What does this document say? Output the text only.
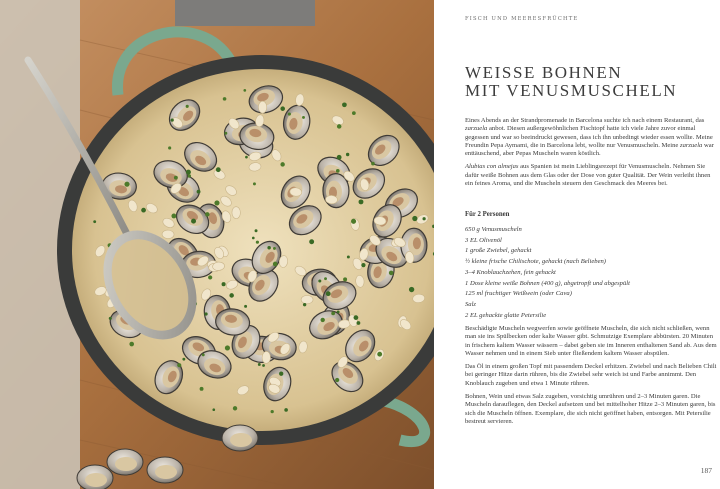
FISCH UND MEERESFRÜCHTE
WEISSE BOHNEN
MIT VENUSMUSCHELN

Eines Abends an der Strandpromenade in Barcelona suchte ich nach einem Restaurant, das zarzuela anbot. Diesen außergewöhnlichen Fischtopf hatte ich viele Jahre zuvor einmal gegessen und war so beeindruckt gewesen, dass ich ihn unbedingt wieder essen wollte. Meine Freundin Pepa Aymami, die in Barcelona lebt, wollte nur Venusmuscheln. Meine zarzuela war enttäuschend, aber Pepas Muscheln waren köstlich.

Alubias con almejas aus Spanien ist mein Lieblingsrezept für Venusmuscheln. Nehmen Sie dafür weiße Bohnen aus dem Glas oder der Dose von guter Qualität. Der Wein verleiht ihnen ein feines Aroma, und die Muscheln steuern den Geschmack des Meeres bei.

Für 2 Personen
650 g Venusmuscheln
3 EL Olivenöl
1 große Zwiebel, gehackt
½ kleine frische Chilischote, gehackt (nach Belieben)
3–4 Knoblauchzehen, fein gehackt
1 Dose kleine weiße Bohnen (400 g), abgetropft und abgespült
125 ml fruchtiger Weißwein (oder Cava)
Salz
2 EL gehackte glatte Petersilie

Beschädigte Muscheln wegwerfen sowie geöffnete Muscheln, die sich nicht schließen, wenn man sie ins Spülbecken oder kalte Wasser gibt. Schmutzige Exemplare abbürsten. 20 Minuten in frischem kaltem Wasser wässern – dabei geben sie im Inneren enthaltenen Sand ab. Aus dem Wasser nehmen und in einem Sieb unter fließendem kaltem Wasser abspülen.

Das Öl in einem großen Topf mit passendem Deckel erhitzen. Zwiebel und nach Belieben Chili bei geringer Hitze darin rühren, bis die Zwiebel sehr weich ist und Farbe annimmt. Den Knoblauch zugeben und etwa 1 Minute rühren.

Bohnen, Wein und etwas Salz zugeben, vorsichtig umrühren und 2–3 Minuten garen. Die Muscheln darauflegen, den Deckel aufsetzen und bei mittelhoher Hitze 2–3 Minuten garen, bis sich die Muscheln öffnen. Exemplare, die sich nicht geöffnet haben, entsorgen. Mit Petersilie bestreut servieren.

187
